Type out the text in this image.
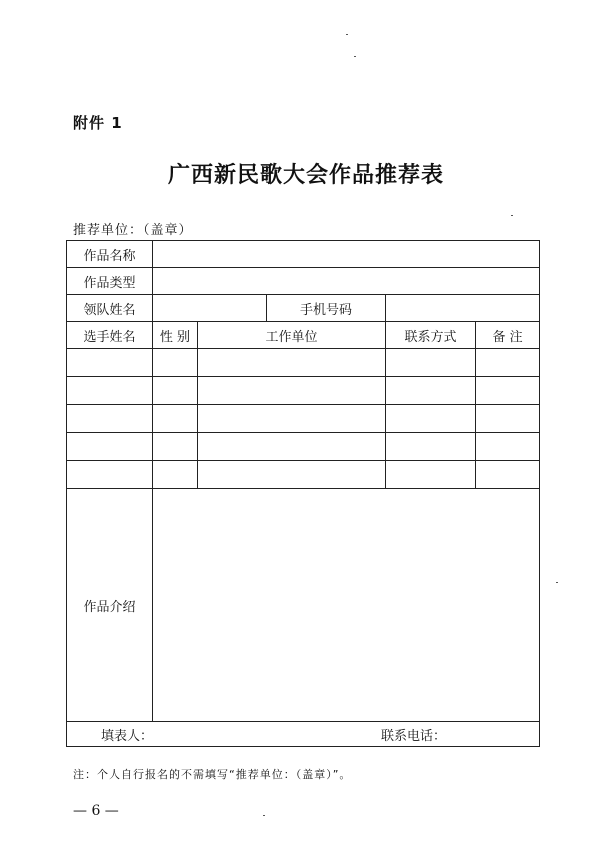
附件 1
广西新民歌大会作品推荐表
推荐单位：（盖章）
作品名称					
作品类型					
领队姓名			手机号码		
选手姓名	性 别	工作单位		联系方式	备 注

作品介绍					
填表人： 联系电话：					
注：个人自行报名的不需填写“推荐单位：（盖章）”。
— 6 —
